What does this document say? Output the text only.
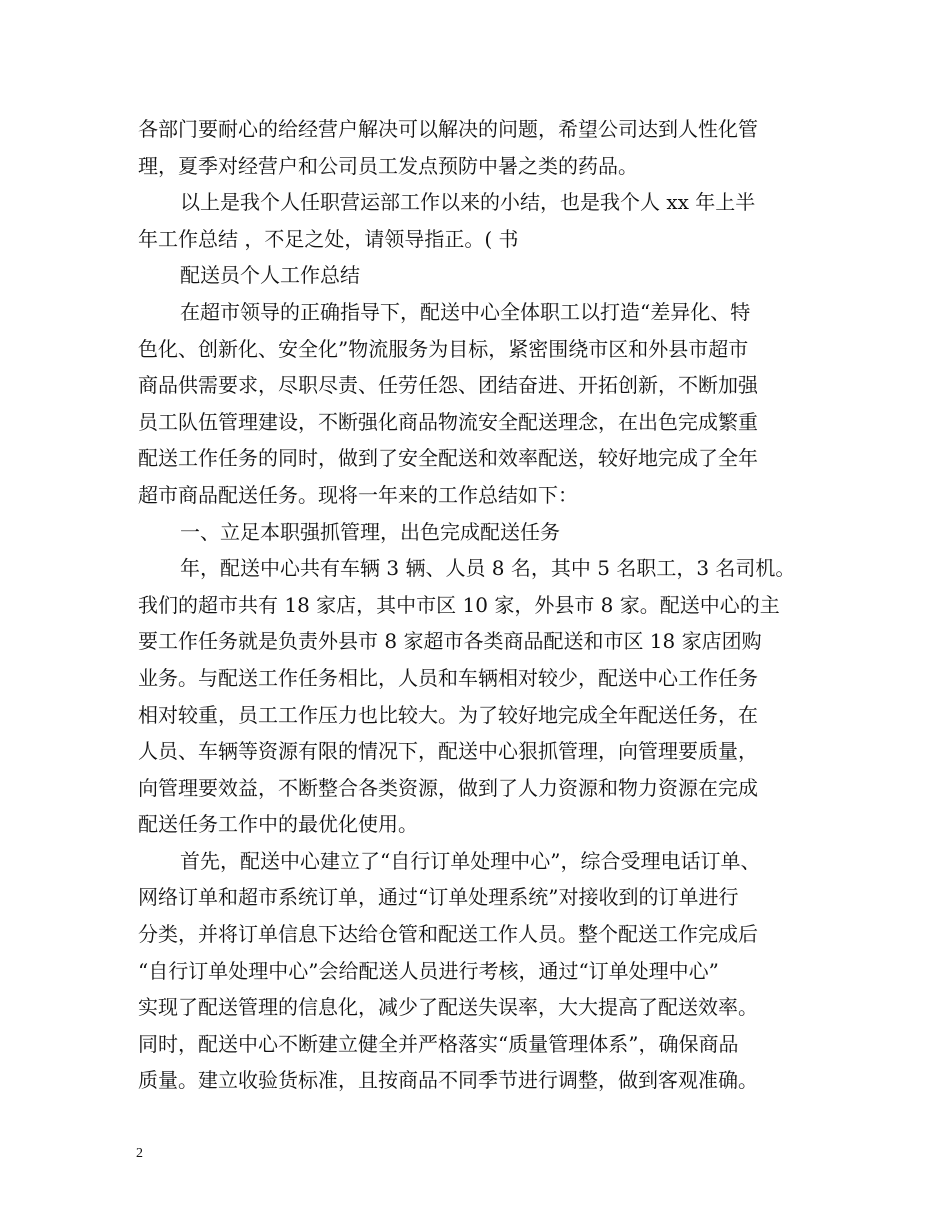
各部门要耐心的给经营户解决可以解决的问题，希望公司达到人性化管
理，夏季对经营户和公司员工发点预防中暑之类的药品。
以上是我个人任职营运部工作以来的小结，也是我个人 xx 年上半
年工作总结 ，不足之处，请领导指正。( 书
配送员个人工作总结
在超市领导的正确指导下，配送中心全体职工以打造“差异化、特
色化、创新化、安全化”物流服务为目标，紧密围绕市区和外县市超市
商品供需要求，尽职尽责、任劳任怨、团结奋进、开拓创新，不断加强
员工队伍管理建设，不断强化商品物流安全配送理念，在出色完成繁重
配送工作任务的同时，做到了安全配送和效率配送，较好地完成了全年
超市商品配送任务。现将一年来的工作总结如下：
一、立足本职强抓管理，出色完成配送任务
年，配送中心共有车辆 3 辆、人员 8 名，其中 5 名职工，3 名司机。
我们的超市共有 18 家店，其中市区 10 家，外县市 8 家。配送中心的主
要工作任务就是负责外县市 8 家超市各类商品配送和市区 18 家店团购
业务。与配送工作任务相比，人员和车辆相对较少，配送中心工作任务
相对较重，员工工作压力也比较大。为了较好地完成全年配送任务，在
人员、车辆等资源有限的情况下，配送中心狠抓管理，向管理要质量，
向管理要效益，不断整合各类资源，做到了人力资源和物力资源在完成
配送任务工作中的最优化使用。
首先，配送中心建立了“自行订单处理中心”，综合受理电话订单、
网络订单和超市系统订单，通过“订单处理系统”对接收到的订单进行
分类，并将订单信息下达给仓管和配送工作人员。整个配送工作完成后
“自行订单处理中心”会给配送人员进行考核，通过“订单处理中心”
实现了配送管理的信息化，减少了配送失误率，大大提高了配送效率。
同时，配送中心不断建立健全并严格落实“质量管理体系”，确保商品
质量。建立收验货标准，且按商品不同季节进行调整，做到客观准确。
2
